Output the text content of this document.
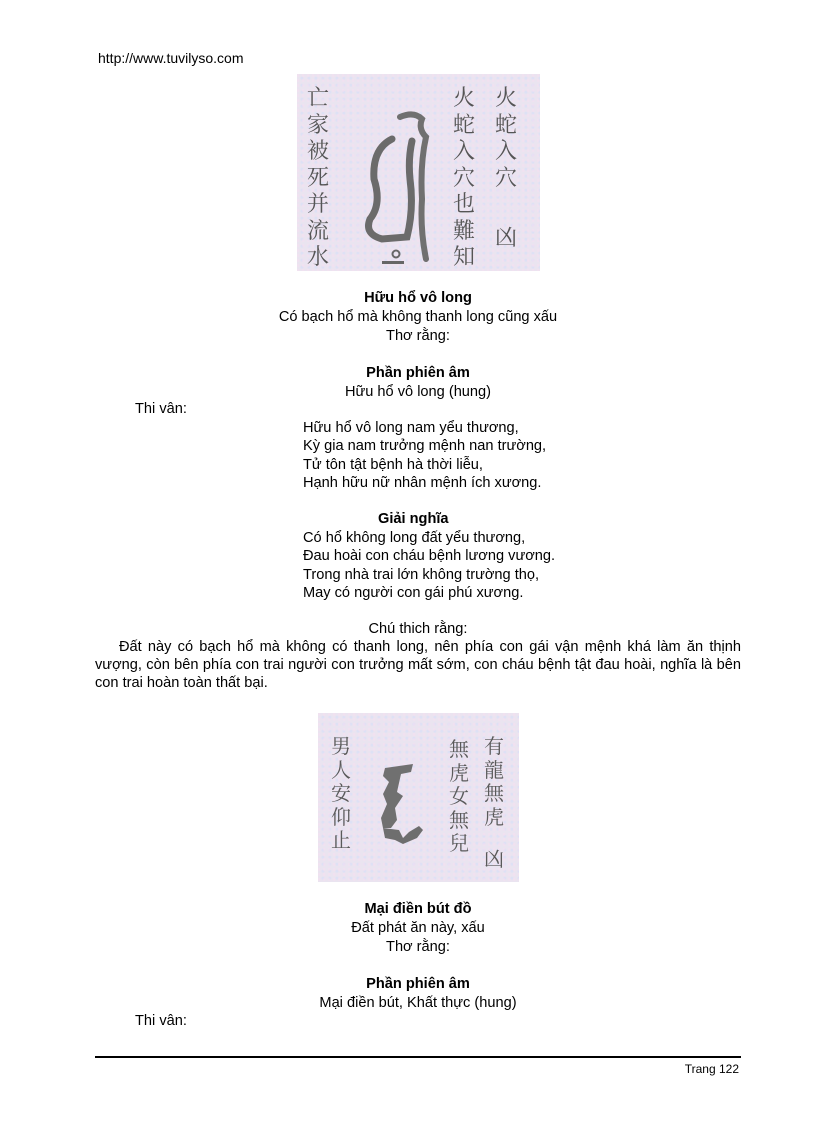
http://www.tuvilyso.com
亡家被死并流水
火蛇入穴也難知
火蛇入穴
凶
Hữu hổ vô long
Có bạch hổ mà không thanh long cũng xấu
Thơ rằng:
Phần phiên âm
Hữu hổ vô long (hung)
Thi vân:
Hữu hổ vô long nam yểu thương,
Kỳ gia nam trưởng mệnh nan trường,
Tử tôn tật bệnh hà thời liễu,
Hạnh hữu nữ nhân mệnh ích xương.
Giải nghĩa
Có hổ không long đất yểu thương,
Đau hoài con cháu bệnh lương vương.
Trong nhà trai lớn không trường thọ,
May có người con gái phú xương.
Chú thich rằng:
Đất này có bạch hổ mà không có thanh long, nên phía con gái vận mệnh khá làm ăn thịnh vượng, còn bên phía con trai người con trưởng mất sớm, con cháu bệnh tật đau hoài, nghĩa là bên con trai hoàn toàn thất bại.
男人安仰止
無虎女無兒
有龍無虎
凶
Mại điền bút đồ
Đất phát ăn này, xấu
Thơ rằng:
Phần phiên âm
Mại điền bút, Khất thực (hung)
Thi vân:
Trang 122
